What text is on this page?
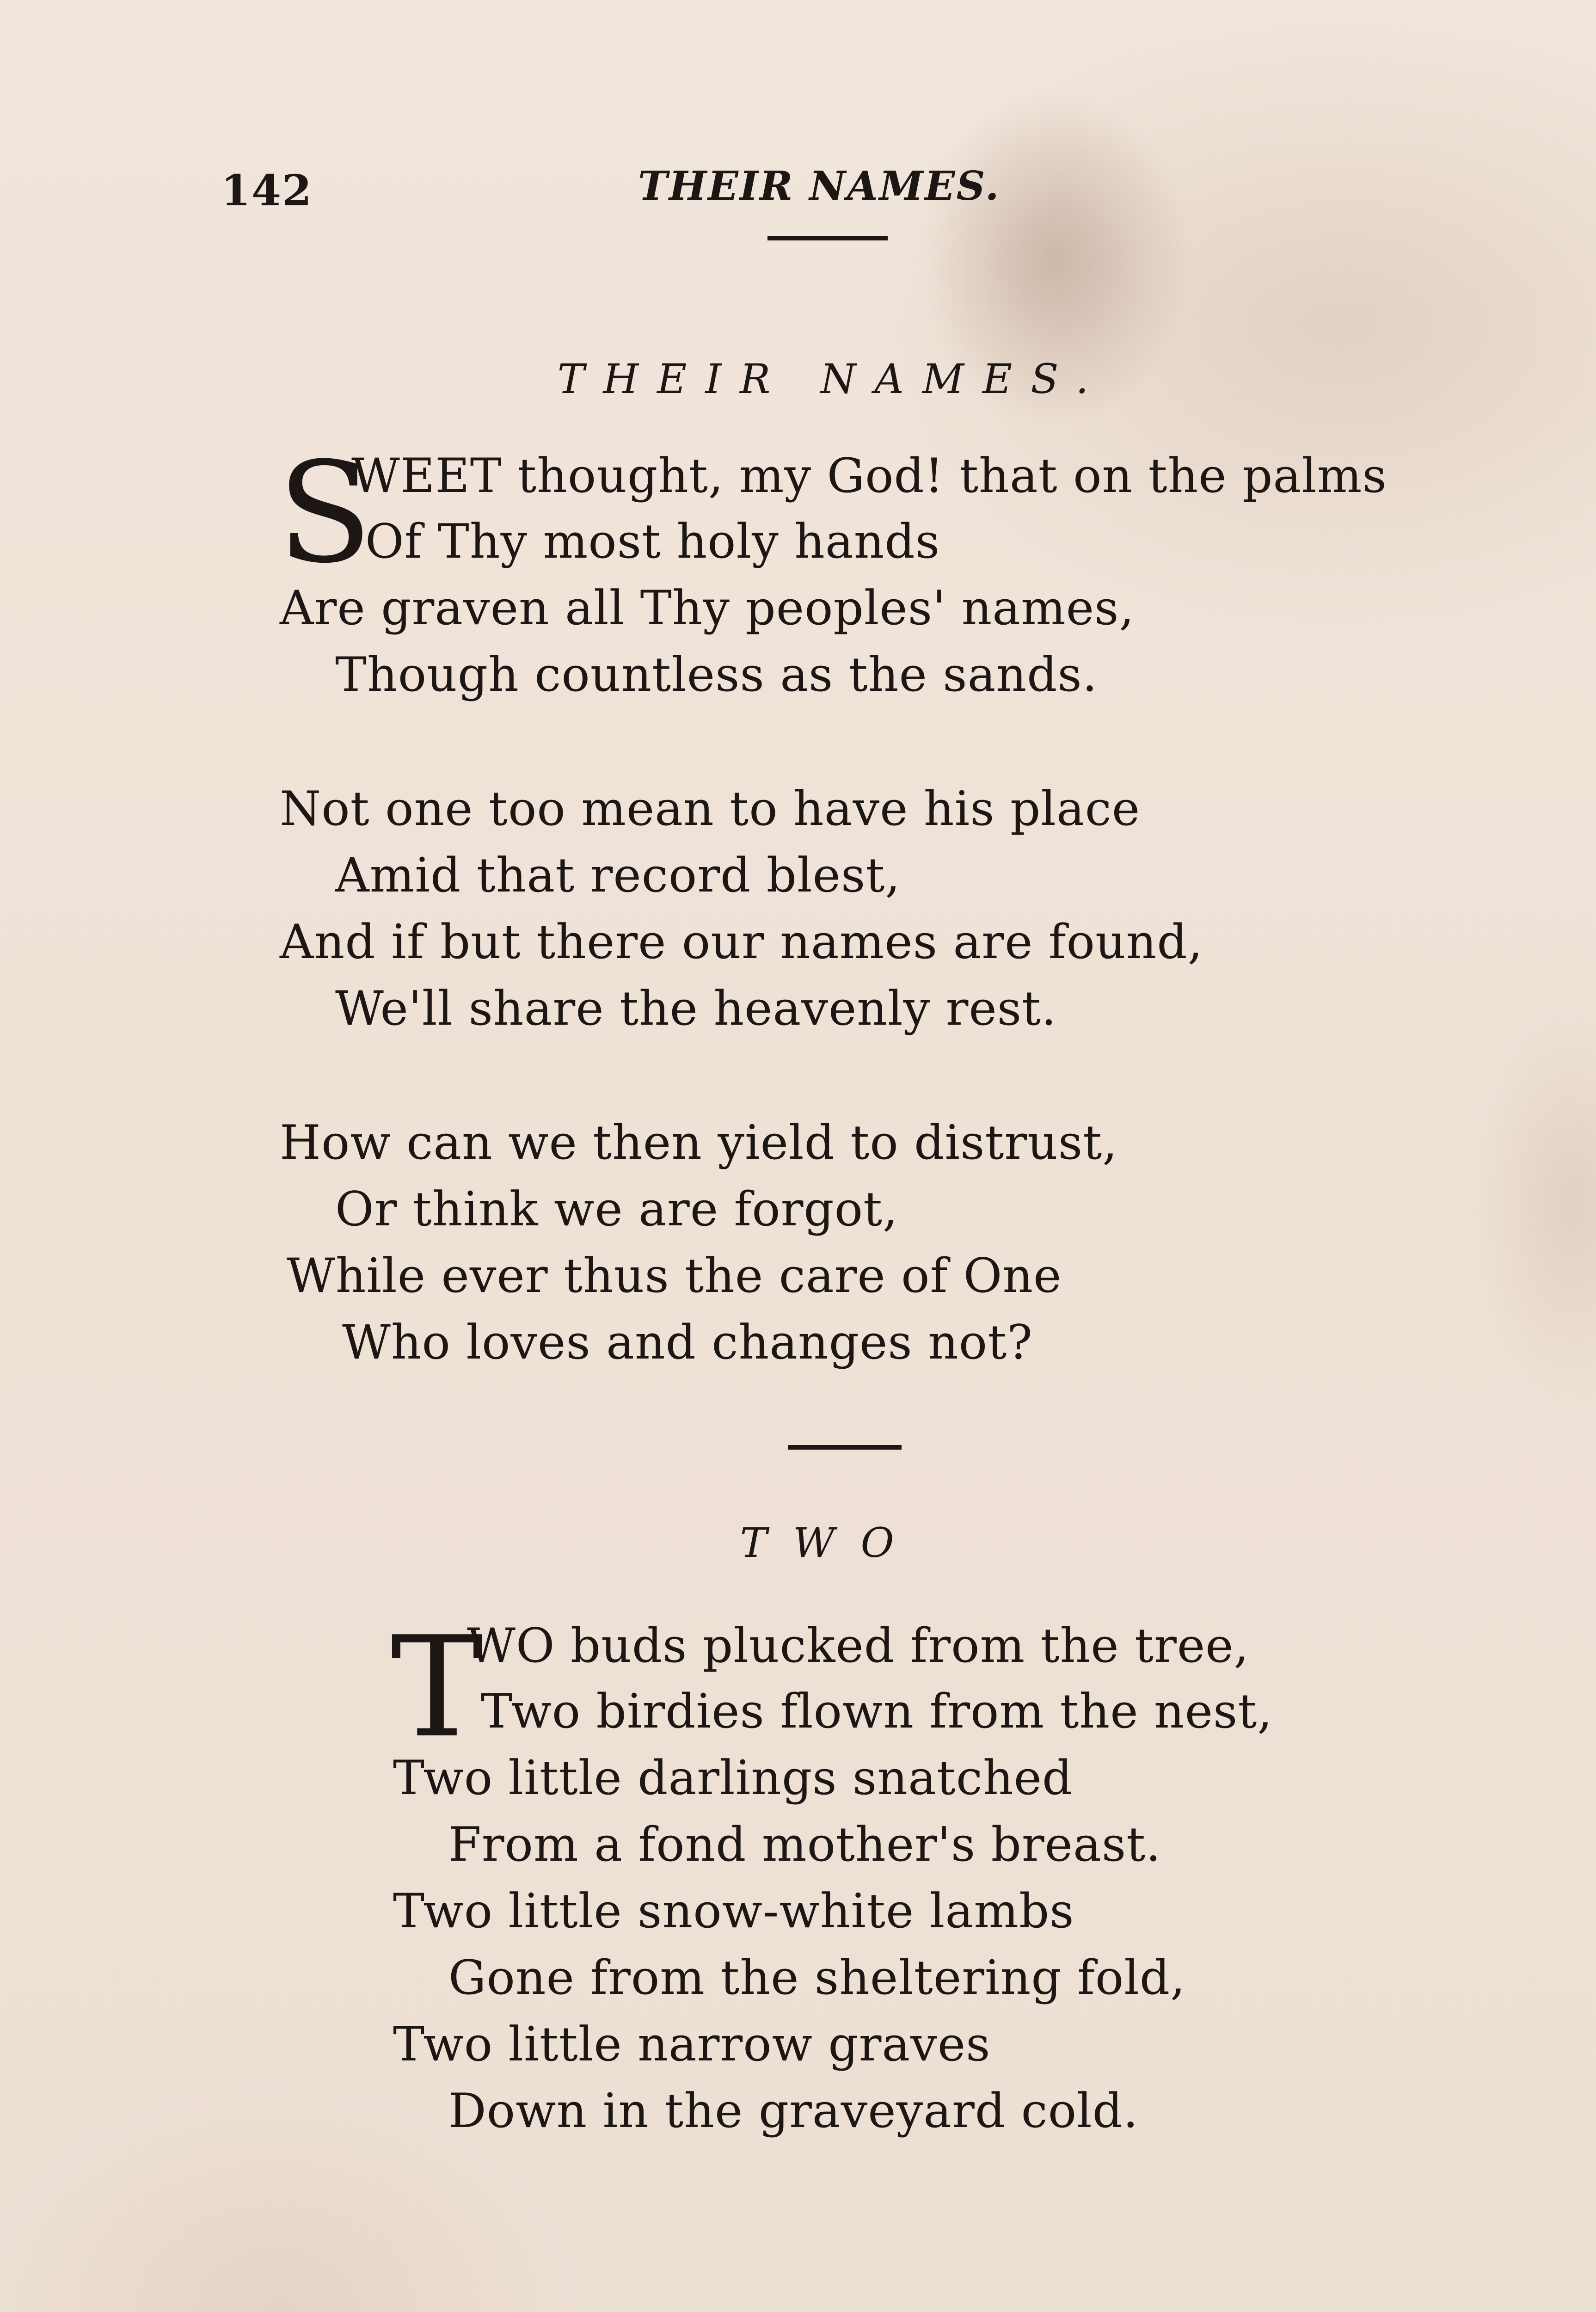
142	THEIR NAMES.
THEIR NAMES.
S
WEET thought, my God! that on the palms
Of Thy most holy hands
Are graven all Thy peoples' names,
Though countless as the sands.
Not one too mean to have his place
Amid that record blest,
And if but there our names are found,
We'll share the heavenly rest.
How can we then yield to distrust,
Or think we are forgot,
While ever thus the care of One
Who loves and changes not?
TWO
T
WO buds plucked from the tree,
Two birdies flown from the nest,
Two little darlings snatched
From a fond mother's breast.
Two little snow-white lambs
Gone from the sheltering fold,
Two little narrow graves
Down in the graveyard cold.
